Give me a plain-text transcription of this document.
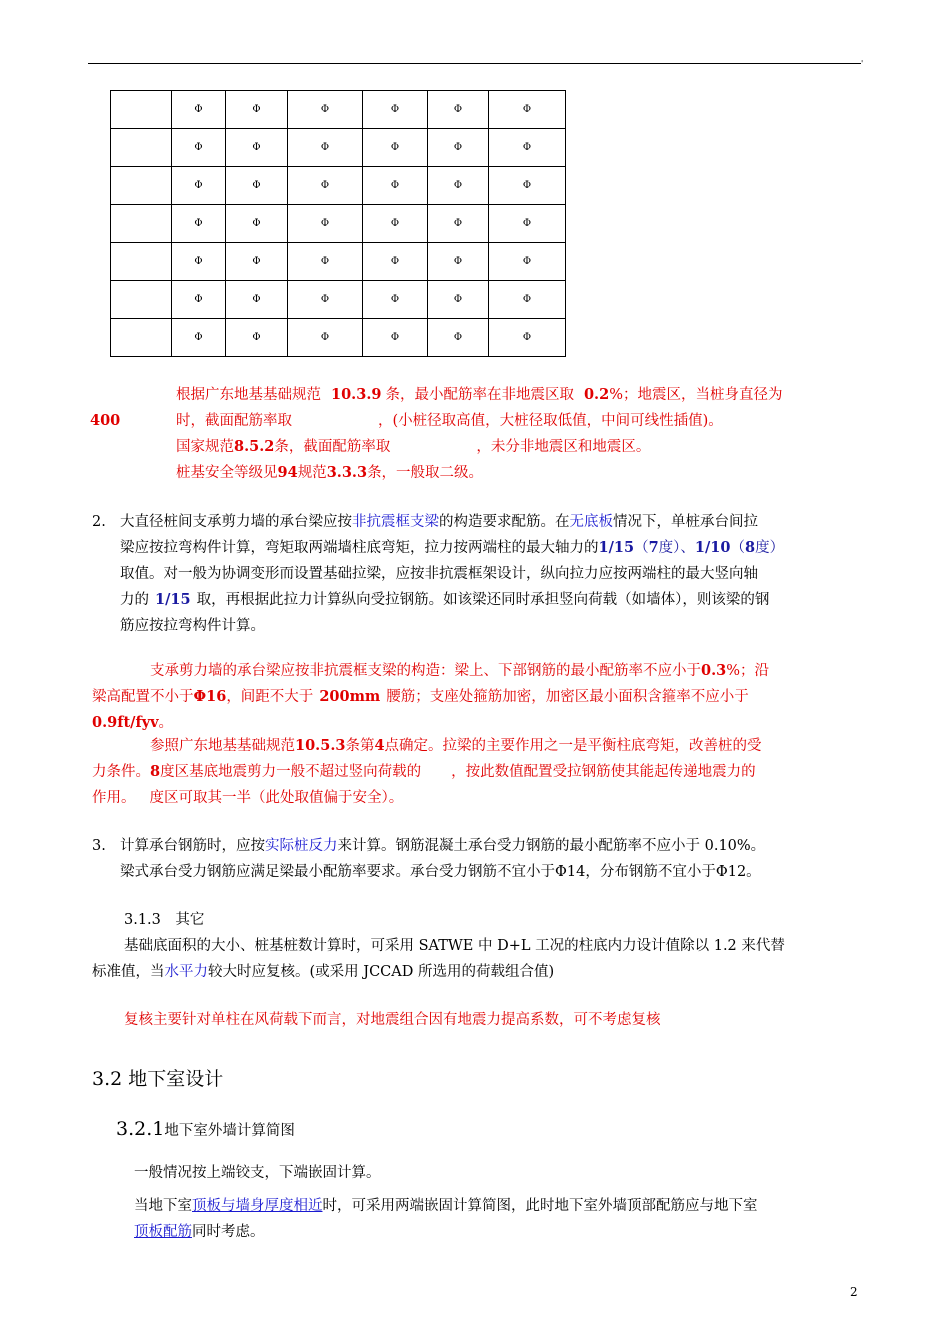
'
	Φ	Φ	Φ	Φ	Φ	Φ
	Φ	Φ	Φ	Φ	Φ	Φ
	Φ	Φ	Φ	Φ	Φ	Φ
	Φ	Φ	Φ	Φ	Φ	Φ
	Φ	Φ	Φ	Φ	Φ	Φ
	Φ	Φ	Φ	Φ	Φ	Φ
	Φ	Φ	Φ	Φ	Φ	Φ
根据广东地基基础规范 10.3.9 条，最小配筋率在非地震区取 0.2%；地震区，当桩身直径为
400	时，截面配筋率取	，(小桩径取高值，大桩径取低值，中间可线性插值)。
国家规范8.5.2条，截面配筋率取	，未分非地震区和地震区。
桩基安全等级见94规范3.3.3条，一般取二级。
2. 大直径桩间支承剪力墙的承台梁应按非抗震框支梁的构造要求配筋。在无底板情况下，单桩承台间拉
梁应按拉弯构件计算，弯矩取两端墙柱底弯矩，拉力按两端柱的最大轴力的1/15（7度）、1/10（8度）
取值。对一般为协调变形而设置基础拉梁，应按非抗震框架设计，纵向拉力应按两端柱的最大竖向轴
力的 1/15 取，再根据此拉力计算纵向受拉钢筋。如该梁还同时承担竖向荷载（如墙体），则该梁的钢
筋应按拉弯构件计算。
支承剪力墙的承台梁应按非抗震框支梁的构造：梁上、下部钢筋的最小配筋率不应小于0.3%；沿
梁高配置不小于Φ16，间距不大于 200mm 腰筋；支座处箍筋加密，加密区最小面积含箍率不应小于
0.9ft/fyv。
参照广东地基基础规范10.5.3条第4点确定。拉梁的主要作用之一是平衡柱底弯矩，改善桩的受
力条件。8度区基底地震剪力一般不超过竖向荷载的 ，按此数值配置受拉钢筋使其能起传递地震力的
作用。 度区可取其一半（此处取值偏于安全）。
3. 计算承台钢筋时，应按实际桩反力来计算。钢筋混凝土承台受力钢筋的最小配筋率不应小于 0.10%。
梁式承台受力钢筋应满足梁最小配筋率要求。承台受力钢筋不宜小于Φ14，分布钢筋不宜小于Φ12。
3.1.3　其它
基础底面积的大小、桩基桩数计算时，可采用 SATWE 中 D+L 工况的柱底内力设计值除以 1.2 来代替
标准值，当水平力较大时应复核。(或采用 JCCAD 所选用的荷载组合值)
复核主要针对单柱在风荷载下而言，对地震组合因有地震力提高系数，可不考虑复核
3.2 地下室设计
3.2.1地下室外墙计算简图
一般情况按上端铰支，下端嵌固计算。
当地下室顶板与墙身厚度相近时，可采用两端嵌固计算简图，此时地下室外墙顶部配筋应与地下室
顶板配筋同时考虑。
2
